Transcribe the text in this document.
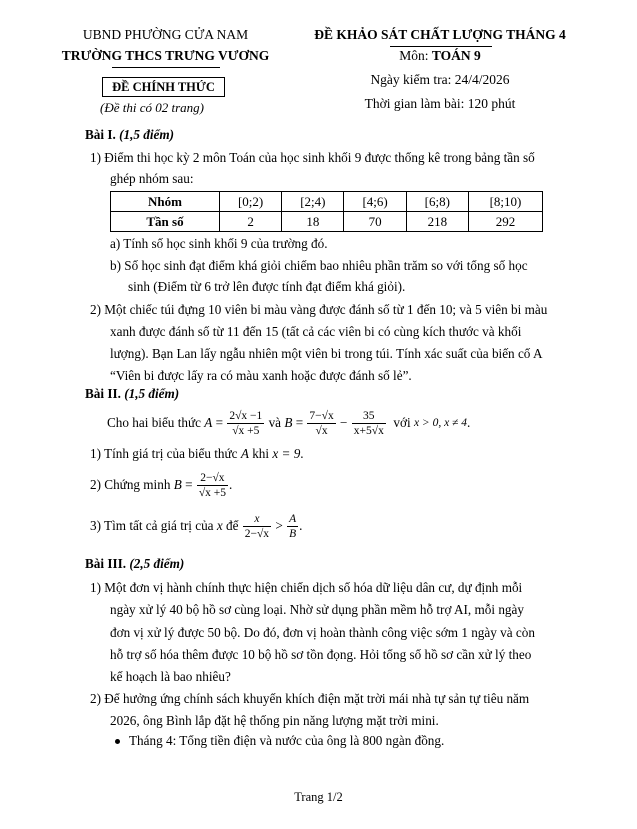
UBND PHƯỜNG CỬA NAM
TRƯỜNG THCS TRƯNG VƯƠNG
ĐỀ KHẢO SÁT CHẤT LƯỢNG THÁNG 4
Môn: TOÁN 9
ĐỀ CHÍNH THỨC
(Đề thi có 02 trang)
Ngày kiểm tra: 24/4/2026
Thời gian làm bài: 120 phút
Bài I. (1,5 điểm)
1) Điểm thi học kỳ 2 môn Toán của học sinh khối 9 được thống kê trong bảng tần số
ghép nhóm sau:
Nhóm	[0;2)	[2;4)	[4;6)	[6;8)	[8;10)
Tần số	2	18	70	218	292
a) Tính số học sinh khối 9 của trường đó.
b) Số học sinh đạt điểm khá giỏi chiếm bao nhiêu phần trăm so với tổng số học
sinh (Điểm từ 6 trở lên được tính đạt điểm khá giỏi).
2) Một chiếc túi đựng 10 viên bi màu vàng được đánh số từ 1 đến 10; và 5 viên bi màu
xanh được đánh số từ 11 đến 15 (tất cả các viên bi có cùng kích thước và khối
lượng). Bạn Lan lấy ngẫu nhiên một viên bi trong túi. Tính xác suất của biến cố A
“Viên bi được lấy ra có màu xanh hoặc được đánh số lẻ”.
Bài II. (1,5 điểm)
Cho hai biểu thức
$A = \frac{2√x -1}{√x +5}$
và
$B = \frac{7-√x}{√x} - \frac{35}{x+5√x}$
với
x > 0, x ≠ 4 .
1) Tính giá trị của biểu thức A khi x = 9.
2) Chứng minh
$B = \frac{2-√x}{√x +5}$ .
3) Tìm tất cả giá trị của
x
để
$\frac{x}{2-√x} > \frac{A}{B}$ .
Bài III. (2,5 điểm)
1) Một đơn vị hành chính thực hiện chiến dịch số hóa dữ liệu dân cư, dự định mỗi
ngày xử lý 40 bộ hồ sơ cùng loại. Nhờ sử dụng phần mềm hỗ trợ AI, mỗi ngày
đơn vị xử lý được 50 bộ. Do đó, đơn vị hoàn thành công việc sớm 1 ngày và còn
hỗ trợ số hóa thêm được 10 bộ hồ sơ tồn đọng. Hỏi tổng số hồ sơ cần xử lý theo
kế hoạch là bao nhiêu?
2) Để hưởng ứng chính sách khuyến khích điện mặt trời mái nhà tự sản tự tiêu năm
2026, ông Bình lắp đặt hệ thống pin năng lượng mặt trời mini.
Tháng 4: Tổng tiền điện và nước của ông là 800 ngàn đồng.
Trang 1/2
